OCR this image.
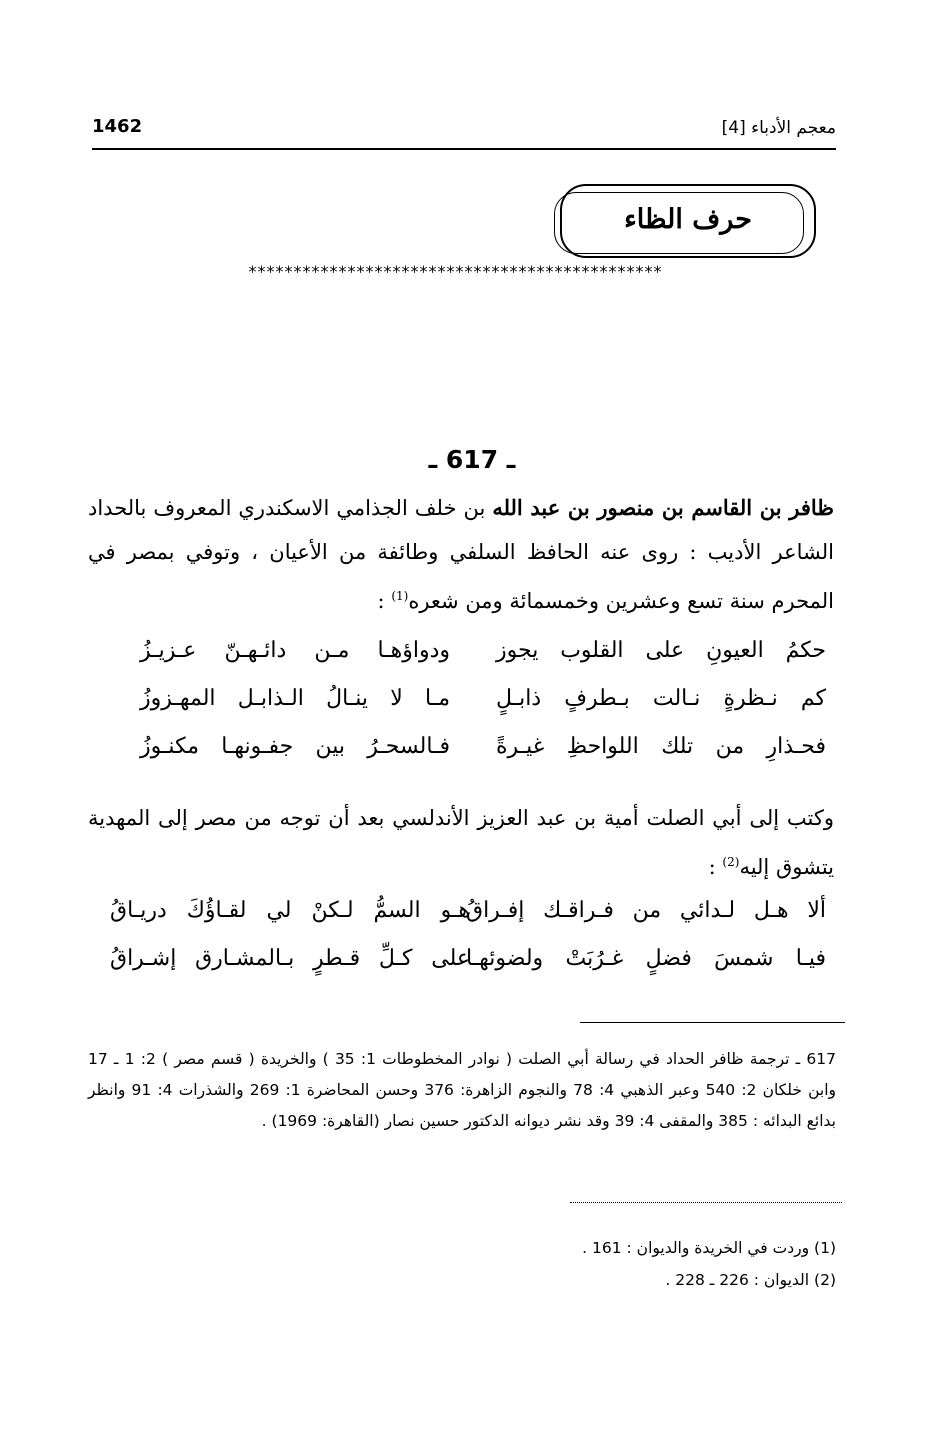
معجم الأدباء [4]
1462
حرف الظاء
**********************************************
ـ 617 ـ
ظافر بن القاسم بن منصور بن عبد الله بن خلف الجذامي الاسكندري المعروف بالحداد الشاعر الأديب : روى عنه الحافظ السلفي وطائفة من الأعيان ، وتوفي بمصر في المحرم سنة تسع وعشرين وخمسمائة ومن شعره$^{(1)}$ :
حكمُ العيونِ على القلوب يجوز
ودواؤهـا مـن دائـهـنّ عـزيـزُ
كم نـظرةٍ نـالت بـطرفٍ ذابـلٍ
مـا لا ينـالُ الـذابـل المهـزوزُ
فحـذارِ من تلك اللواحظِ غيـرةً
فـالسحـرُ بين جفـونهـا مكنـوزُ
وكتب إلى أبي الصلت أمية بن عبد العزيز الأندلسي بعد أن توجه من مصر إلى المهدية يتشوق إليه$^{(2)}$ :
ألا هـل لـدائي من فـراقـك إفـراقُ
هـو السمُّ لـكنْ لي لقـاؤُكَ دريـاقُ
فيـا شمسَ فضلٍ غـرُبَتْ ولضوئهـا
على كـلِّ قـطرٍ بـالمشـارق إشـراقُ
617 ـ ترجمة ظافر الحداد في رسالة أبي الصلت ( نوادر المخطوطات 1: 35 ) والخريدة ( قسم مصر ) 2: 1 ـ 17 وابن خلكان 2: 540 وعبر الذهبي 4: 78 والنجوم الزاهرة: 376 وحسن المحاضرة 1: 269 والشذرات 4: 91 وانظر بدائع البدائه : 385 والمقفى 4: 39 وقد نشر ديوانه الدكتور حسين نصار (القاهرة: 1969) .
(1) وردت في الخريدة والديوان : 161 .
(2) الديوان : 226 ـ 228 .
